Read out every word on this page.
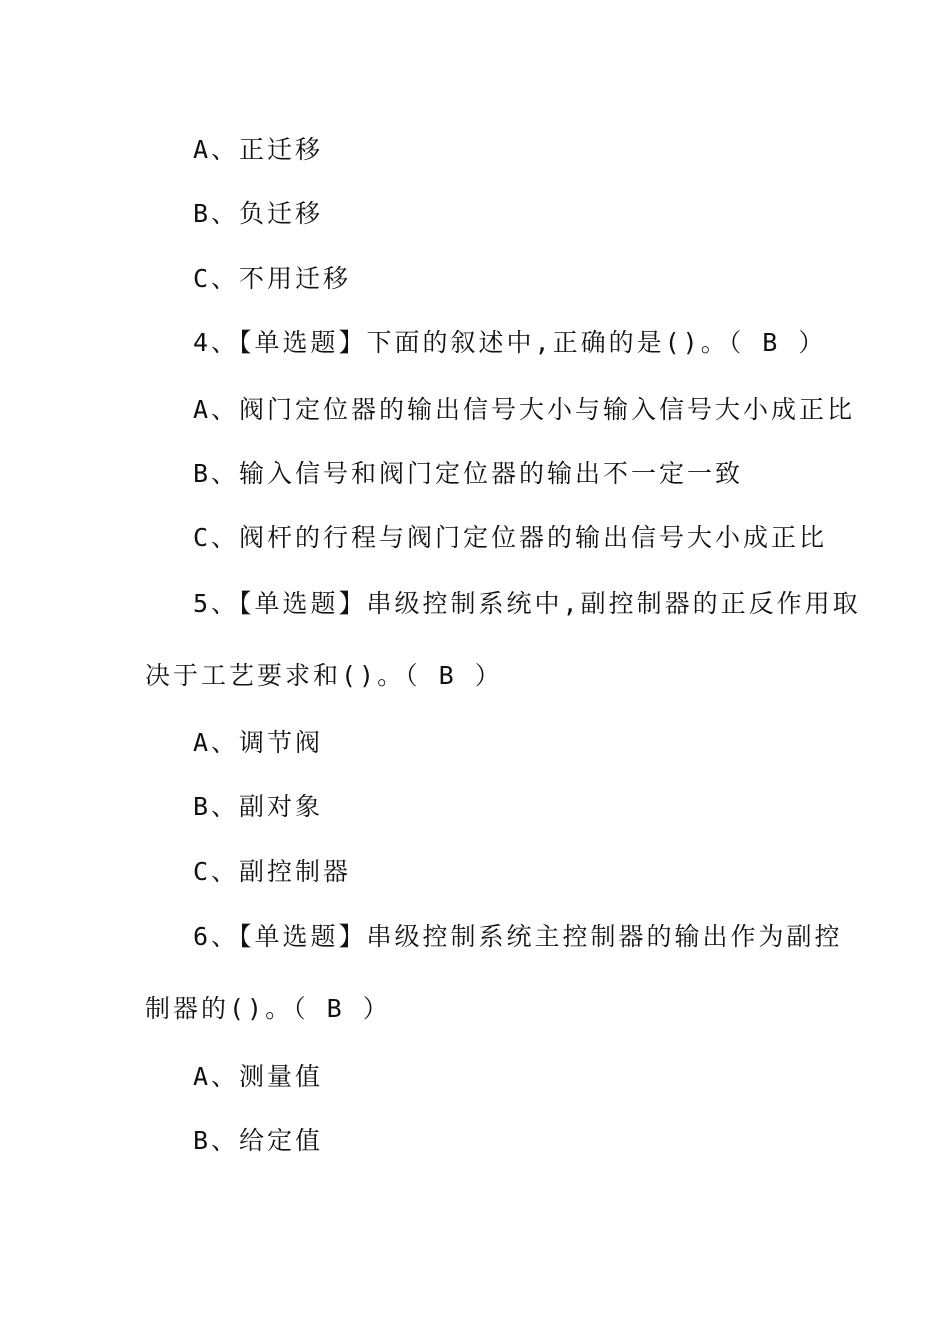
A、正迁移
B、负迁移
C、不用迁移
4、【单选题】下面的叙述中,正确的是()。（ B ）
A、阀门定位器的输出信号大小与输入信号大小成正比
B、输入信号和阀门定位器的输出不一定一致
C、阀杆的行程与阀门定位器的输出信号大小成正比
5、【单选题】串级控制系统中,副控制器的正反作用取
决于工艺要求和()。（ B ）
A、调节阀
B、副对象
C、副控制器
6、【单选题】串级控制系统主控制器的输出作为副控
制器的()。（ B ）
A、测量值
B、给定值
